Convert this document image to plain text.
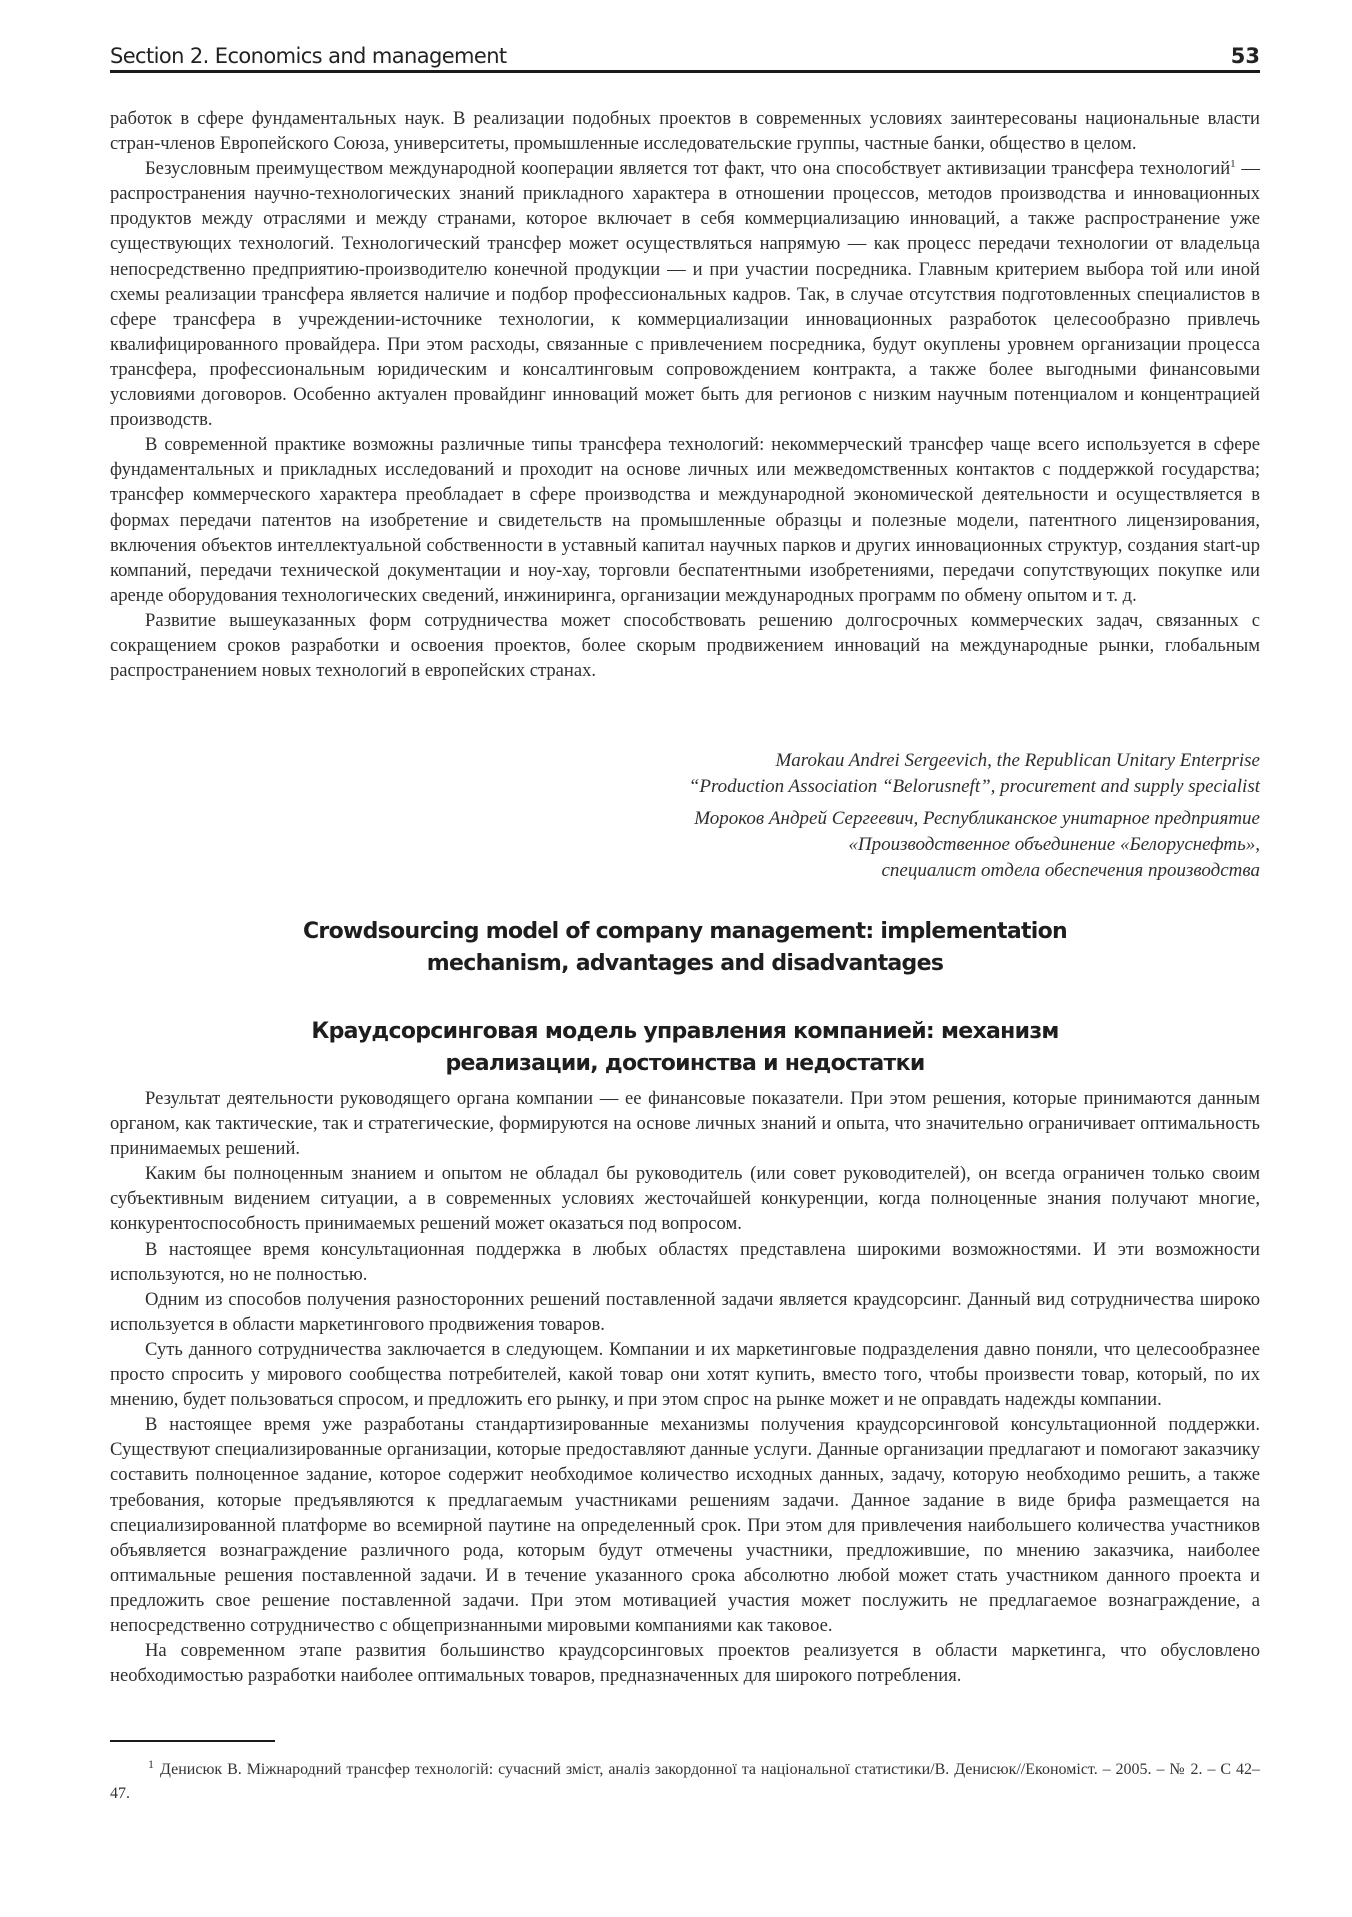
Section 2. Economics and management	53

работок в сфере фундаментальных наук. В реализации подобных проектов в современных условиях заинтересованы национальные власти стран-членов Европейского Союза, университеты, промышленные исследовательские группы, частные банки, общество в целом.

Безусловным преимуществом международной кооперации является тот факт, что она способствует активизации трансфера технологий$^1$ — распространения научно-технологических знаний прикладного характера в отношении процессов, методов производства и инновационных продуктов между отраслями и между странами, которое включает в себя коммерциализацию инноваций, а также распространение уже существующих технологий. Технологический трансфер может осуществляться напрямую — как процесс передачи технологии от владельца непосредственно предприятию-производителю конечной продукции — и при участии посредника. Главным критерием выбора той или иной схемы реализации трансфера является наличие и подбор профессиональных кадров. Так, в случае отсутствия подготовленных специалистов в сфере трансфера в учреждении-источнике технологии, к коммерциализации инновационных разработок целесообразно привлечь квалифицированного провайдера. При этом расходы, связанные с привлечением посредника, будут окуплены уровнем организации процесса трансфера, профессиональным юридическим и консалтинговым сопровождением контракта, а также более выгодными финансовыми условиями договоров. Особенно актуален провайдинг инноваций может быть для регионов с низким научным потенциалом и концентрацией производств.

В современной практике возможны различные типы трансфера технологий: некоммерческий трансфер чаще всего используется в сфере фундаментальных и прикладных исследований и проходит на основе личных или межведомственных контактов с поддержкой государства; трансфер коммерческого характера преобладает в сфере производства и международной экономической деятельности и осуществляется в формах передачи патентов на изобретение и свидетельств на промышленные образцы и полезные модели, патентного лицензирования, включения объектов интеллектуальной собственности в уставный капитал научных парков и других инновационных структур, создания start-up компаний, передачи технической документации и ноу-хау, торговли беспатентными изобретениями, передачи сопутствующих покупке или аренде оборудования технологических сведений, инжиниринга, организации международных программ по обмену опытом и т. д.

Развитие вышеуказанных форм сотрудничества может способствовать решению долгосрочных коммерческих задач, связанных с сокращением сроков разработки и освоения проектов, более скорым продвижением инноваций на международные рынки, глобальным распространением новых технологий в европейских странах.

Marokau Andrei Sergeevich, the Republican Unitary Enterprise
“Production Association “Belorusneft”, procurement and supply specialist
Мороков Андрей Сергеевич, Республиканское унитарное предприятие
«Производственное объединение «Белоруснефть»,
специалист отдела обеспечения производства
Crowdsourcing model of company management: implementation
mechanism, advantages and disadvantages
Краудсорсинговая модель управления компанией: механизм
реализации, достоинства и недостатки

Результат деятельности руководящего органа компании — ее финансовые показатели. При этом решения, которые принимаются данным органом, как тактические, так и стратегические, формируются на основе личных знаний и опыта, что значительно ограничивает оптимальность принимаемых решений.

Каким бы полноценным знанием и опытом не обладал бы руководитель (или совет руководителей), он всегда ограничен только своим субъективным видением ситуации, а в современных условиях жесточайшей конкуренции, когда полноценные знания получают многие, конкурентоспособность принимаемых решений может оказаться под вопросом.

В настоящее время консультационная поддержка в любых областях представлена широкими возможностями. И эти возможности используются, но не полностью.

Одним из способов получения разносторонних решений поставленной задачи является краудсорсинг. Данный вид сотрудничества широко используется в области маркетингового продвижения товаров.

Суть данного сотрудничества заключается в следующем. Компании и их маркетинговые подразделения давно поняли, что целесообразнее просто спросить у мирового сообщества потребителей, какой товар они хотят купить, вместо того, чтобы произвести товар, который, по их мнению, будет пользоваться спросом, и предложить его рынку, и при этом спрос на рынке может и не оправдать надежды компании.

В настоящее время уже разработаны стандартизированные механизмы получения краудсорсинговой консультационной поддержки. Существуют специализированные организации, которые предоставляют данные услуги. Данные организации предлагают и помогают заказчику составить полноценное задание, которое содержит необходимое количество исходных данных, задачу, которую необходимо решить, а также требования, которые предъявляются к предлагаемым участниками решениям задачи. Данное задание в виде брифа размещается на специализированной платформе во всемирной паутине на определенный срок. При этом для привлечения наибольшего количества участников объявляется вознаграждение различного рода, которым будут отмечены участники, предложившие, по мнению заказчика, наиболее оптимальные решения поставленной задачи. И в течение указанного срока абсолютно любой может стать участником данного проекта и предложить свое решение поставленной задачи. При этом мотивацией участия может послужить не предлагаемое вознаграждение, а непосредственно сотрудничество с общепризнанными мировыми компаниями как таковое.

На современном этапе развития большинство краудсорсинговых проектов реализуется в области маркетинга, что обусловлено необходимостью разработки наиболее оптимальных товаров, предназначенных для широкого потребления.

1 Денисюк В. Міжнародний трансфер технологій: сучасний зміст, аналіз закордонної та національної статистики/В. Денисюк//Економіст. – 2005. – № 2. – С 42–47.
